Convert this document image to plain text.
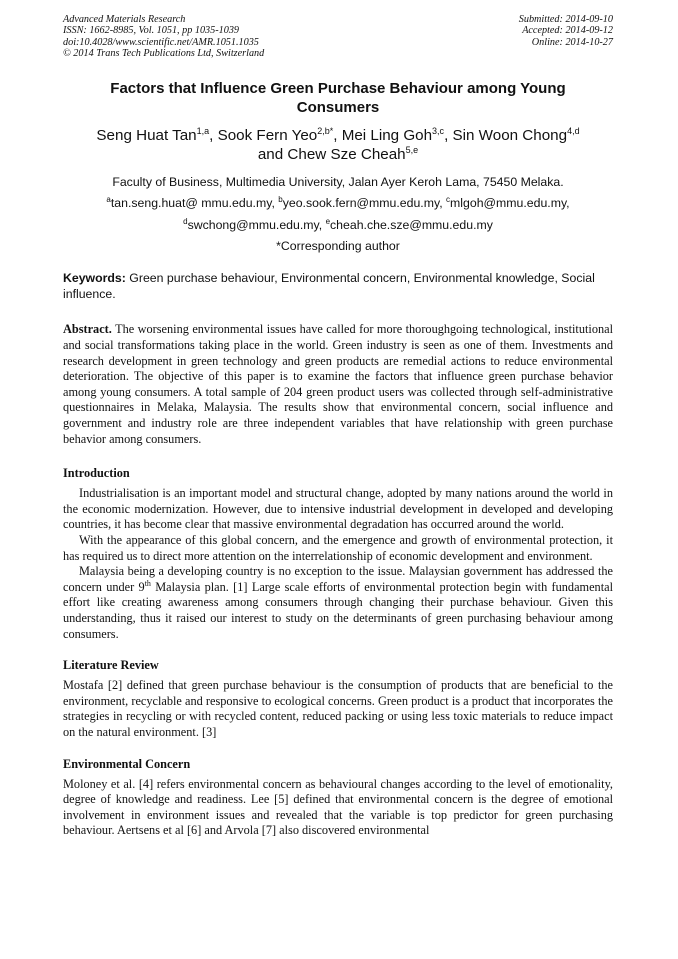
Advanced Materials Research
ISSN: 1662-8985, Vol. 1051, pp 1035-1039
doi:10.4028/www.scientific.net/AMR.1051.1035
© 2014 Trans Tech Publications Ltd, Switzerland
Submitted: 2014-09-10
Accepted: 2014-09-12
Online: 2014-10-27
Factors that Influence Green Purchase Behaviour among Young Consumers
Seng Huat Tan$^{1,a}$, Sook Fern Yeo$^{2,b*}$, Mei Ling Goh$^{3,c}$, Sin Woon Chong$^{4,d}$
and Chew Sze Cheah$^{5,e}$
Faculty of Business, Multimedia University, Jalan Ayer Keroh Lama, 75450 Melaka.
$^a$tan.seng.huat@ mmu.edu.my, $^b$yeo.sook.fern@mmu.edu.my, $^c$mlgoh@mmu.edu.my,
$^d$swchong@mmu.edu.my, $^e$cheah.che.sze@mmu.edu.my
*Corresponding author
Keywords: Green purchase behaviour, Environmental concern, Environmental knowledge, Social influence.
Abstract. The worsening environmental issues have called for more thoroughgoing technological, institutional and social transformations taking place in the world. Green industry is seen as one of them. Investments and research development in green technology and green products are remedial actions to reduce environmental deterioration. The objective of this paper is to examine the factors that influence green purchase behavior among young consumers. A total sample of 204 green product users was collected through self-administrative questionnaires in Melaka, Malaysia. The results show that environmental concern, social influence and government and industry role are three independent variables that have relationship with green purchase behavior among consumers.
Introduction

Industrialisation is an important model and structural change, adopted by many nations around the world in the economic modernization. However, due to intensive industrial development in developed and developing countries, it has become clear that massive environmental degradation has occurred around the world.

With the appearance of this global concern, and the emergence and growth of environmental protection, it has required us to direct more attention on the interrelationship of economic development and environment.

Malaysia being a developing country is no exception to the issue. Malaysian government has addressed the concern under 9th Malaysia plan. [1] Large scale efforts of environmental protection begin with fundamental effort like creating awareness among consumers through changing their purchase behaviour. Given this understanding, thus it raised our interest to study on the determinants of green purchasing behaviour among consumers.

Literature Review

Mostafa [2] defined that green purchase behaviour is the consumption of products that are beneficial to the environment, recyclable and responsive to ecological concerns. Green product is a product that incorporates the strategies in recycling or with recycled content, reduced packing or using less toxic materials to reduce impact on the natural environment. [3]

Environmental Concern

Moloney et al. [4] refers environmental concern as behavioural changes according to the level of emotionality, degree of knowledge and readiness. Lee [5] defined that environmental concern is the degree of emotional involvement in environment issues and revealed that the variable is top predictor for green purchasing behaviour. Aertsens et al [6] and Arvola [7] also discovered environmental
